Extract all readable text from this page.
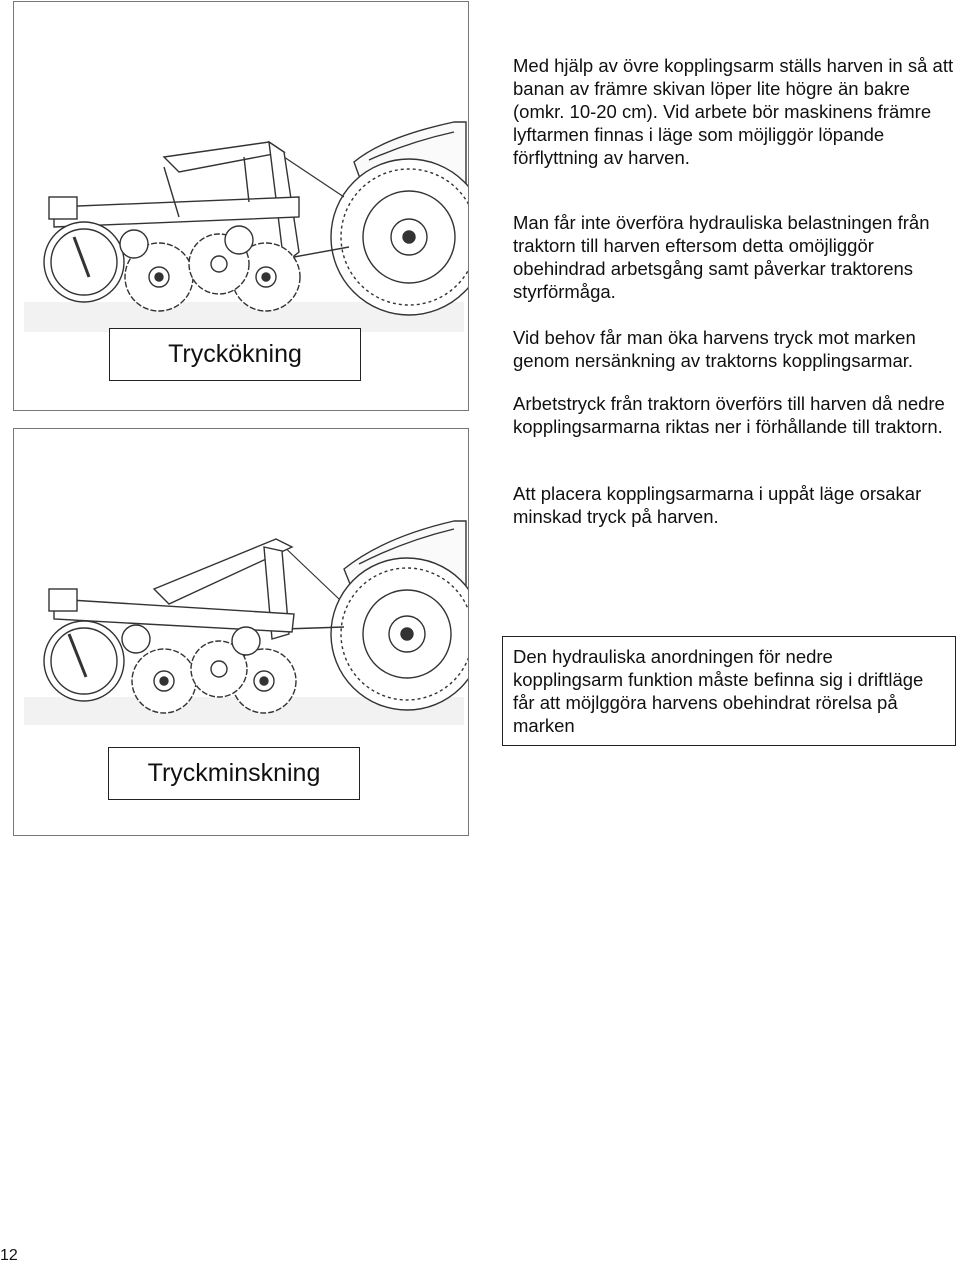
Tryckökning
Tryckminskning

Med hjälp av övre kopplingsarm ställs harven in så att banan av främre skivan löper lite högre än bakre (omkr. 10-20 cm). Vid arbete bör maskinens främre lyftarmen finnas i läge som möjliggör löpande förflyttning av harven.

Man får inte överföra hydrauliska belastningen från traktorn till harven eftersom detta omöjliggör obehindrad arbetsgång samt påverkar traktorens styrförmåga.

Vid behov får man öka harvens tryck mot marken genom nersänkning av traktorns kopplingsarmar.

Arbetstryck från traktorn överförs till harven då nedre kopplingsarmarna riktas ner i förhållande till traktorn.

Att placera kopplingsarmarna i uppåt läge orsakar minskad tryck på harven.

Den hydrauliska anordningen för nedre kopplingsarm funktion måste befinna sig i driftläge får att möjlggöra harvens obehindrat rörelsa på marken
12
